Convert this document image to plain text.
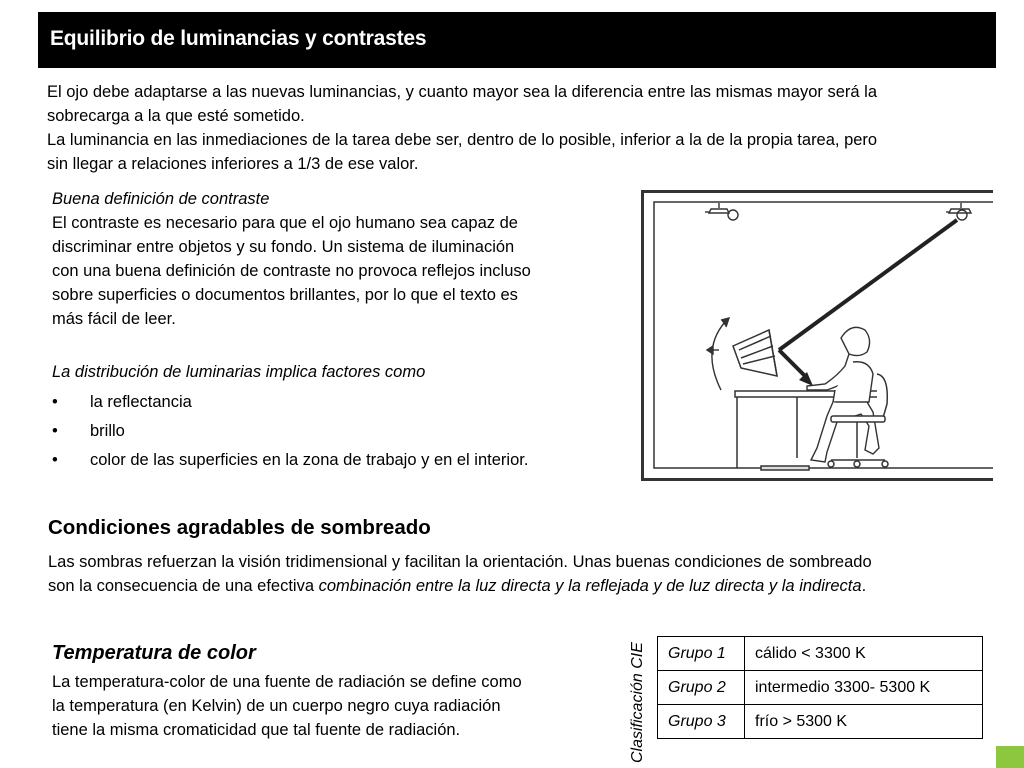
Equilibrio de luminancias y contrastes

El ojo debe adaptarse a las nuevas luminancias, y cuanto mayor sea la diferencia entre las mismas mayor será la
sobrecarga a la que esté sometido.
La luminancia en las inmediaciones de la tarea debe ser, dentro de lo posible, inferior a la de la propia tarea, pero
sin llegar a relaciones inferiores a 1/3 de ese valor.

Buena definición de contraste
El contraste es necesario para que el ojo humano sea capaz de
discriminar entre objetos y su fondo. Un sistema de iluminación
con una buena definición de contraste no provoca reflejos incluso
sobre superficies o documentos brillantes, por lo que el texto es
más fácil de leer.
La distribución de luminarias implica factores como
• la reflectancia
• brillo
• color de las superficies en la zona de trabajo y en el interior.
Condiciones agradables de sombreado

Las sombras refuerzan la visión tridimensional y facilitan la orientación. Unas buenas condiciones de sombreado
son la consecuencia de una efectiva combinación entre la luz directa y la reflejada y de luz directa y la indirecta.

Temperatura de color

La temperatura-color de una fuente de radiación se define como
la temperatura (en Kelvin) de un cuerpo negro cuya radiación
tiene la misma cromaticidad que tal fuente de radiación.	Clasificación CIE Grupo 1	cálido < 3300 K
Grupo 2	intermedio 3300- 5300 K
Grupo 3	frío > 5300 K
